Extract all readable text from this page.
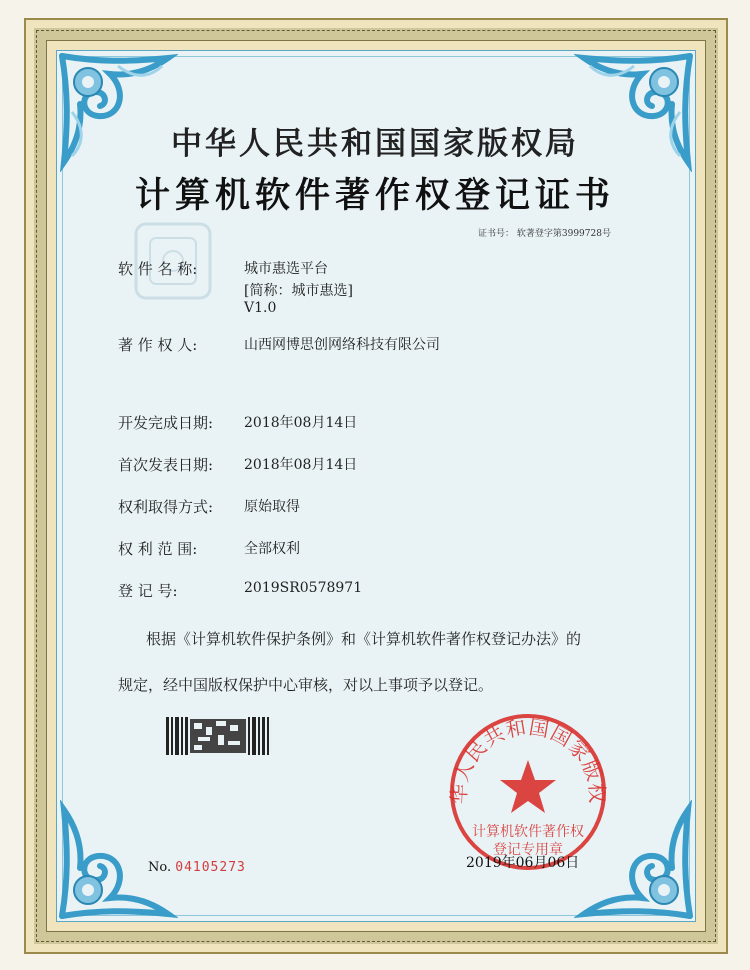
中华人民共和国国家版权局
计算机软件著作权登记证书
证书号： 软著登字第3999728号
软 件 名 称:	城市惠选平台
[简称：城市惠选]
V1.0
著 作 权 人:	山西网博思创网络科技有限公司
开发完成日期: 2018年08月14日
首次发表日期: 2018年08月14日
权利取得方式: 原始取得
权 利 范 围:	全部权利
登 记 号:	2019SR0578971
根据《计算机软件保护条例》和《计算机软件著作权登记办法》的
规定，经中国版权保护中心审核，对以上事项予以登记。
华人民共和国国家版权
计算机软件著作权
登记专用章
2019年06月06日
No. 04105273
